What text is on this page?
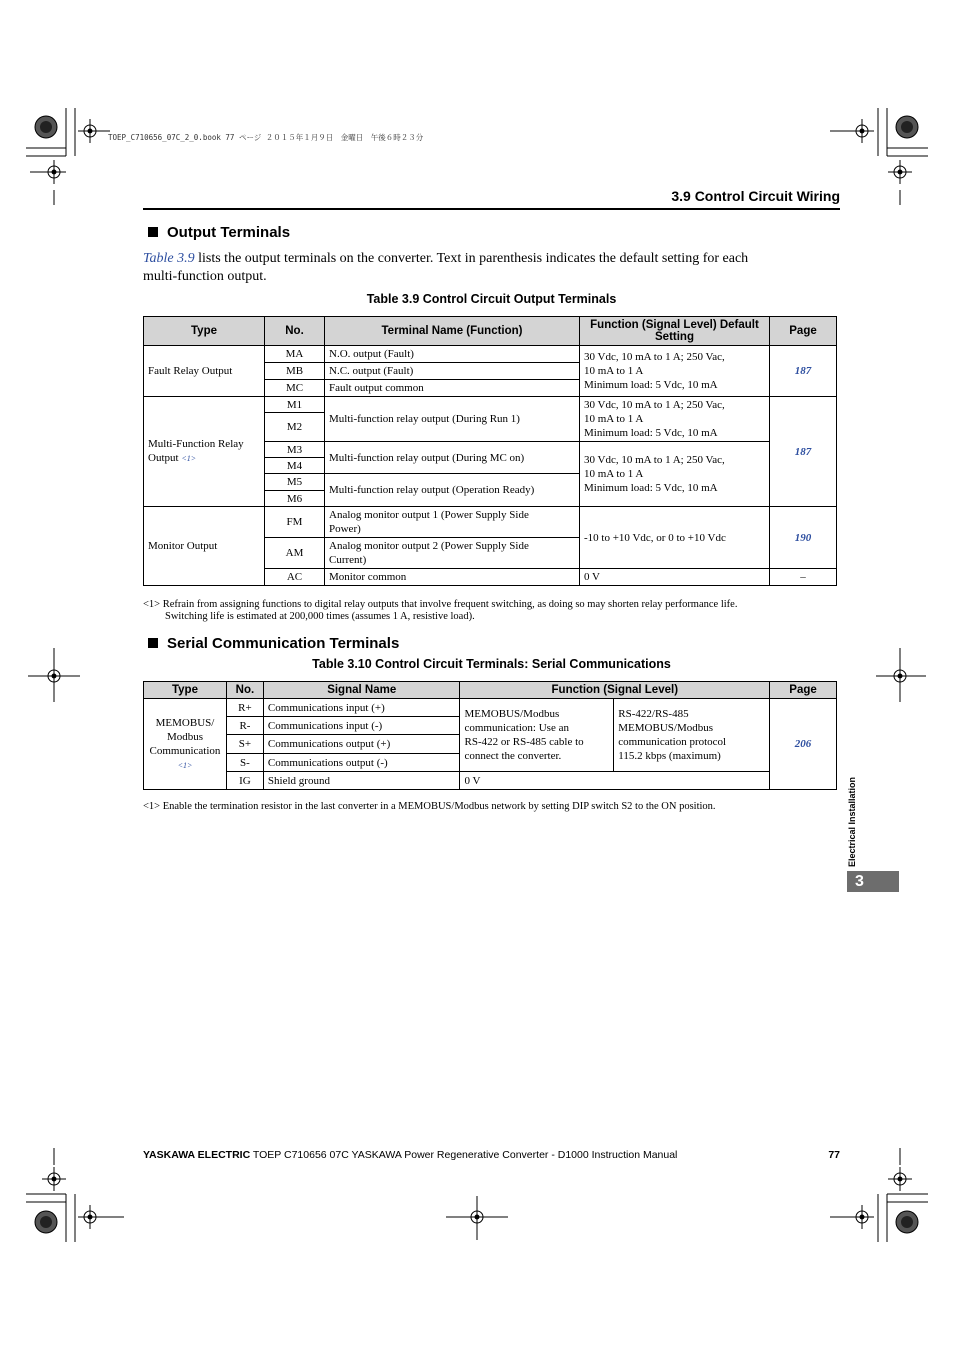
TOEP_C710656_07C_2_0.book 77 ページ ２０１５年１月９日　金曜日　午後６時２３分
3.9 Control Circuit Wiring
Output Terminals
Table 3.9 lists the output terminals on the converter. Text in parenthesis indicates the default setting for each
multi-function output.
Table 3.9 Control Circuit Output Terminals
Type	No.	Terminal Name (Function)	Function (Signal Level) Default Setting	Page
Fault Relay Output	MA	N.O. output (Fault)	30 Vdc, 10 mA to 1 A; 250 Vac,
10 mA to 1 A
Minimum load: 5 Vdc, 10 mA	187
	MB	N.C. output (Fault)		
	MC	Fault output common		
Multi-Function Relay
Output <1>	M1	Multi-function relay output (During Run 1)	30 Vdc, 10 mA to 1 A; 250 Vac,
10 mA to 1 A
Minimum load: 5 Vdc, 10 mA	187
	M2			
	M3	Multi-function relay output (During MC on)	30 Vdc, 10 mA to 1 A; 250 Vac,
10 mA to 1 A
Minimum load: 5 Vdc, 10 mA	
	M4			
	M5	Multi-function relay output (Operation Ready)		
	M6			
Monitor Output	FM	Analog monitor output 1 (Power Supply Side
Power)	-10 to +10 Vdc, or 0 to +10 Vdc	190
	AM	Analog monitor output 2 (Power Supply Side
Current)		
	AC	Monitor common	0 V	–
<1> Refrain from assigning functions to digital relay outputs that involve frequent switching, as doing so may shorten relay performance life.
Switching life is estimated at 200,000 times (assumes 1 A, resistive load).
Serial Communication Terminals
Table 3.10 Control Circuit Terminals: Serial Communications
Type	No.	Signal Name	Function (Signal Level)		Page
MEMOBUS/
Modbus
Communication
<1>	R+	Communications input (+)	MEMOBUS/Modbus
communication: Use an
RS-422 or RS-485 cable to
connect the converter.	RS-422/RS-485
MEMOBUS/Modbus
communication protocol
115.2 kbps (maximum)	206
	R-	Communications input (-)			
	S+	Communications output (+)			
	S-	Communications output (-)			
	IG	Shield ground	0 V		
<1> Enable the termination resistor in the last converter in a MEMOBUS/Modbus network by setting DIP switch S2 to the ON position.	Electrical Installation
3
YASKAWA ELECTRIC TOEP C710656 07C YASKAWA Power Regenerative Converter - D1000 Instruction Manual	77
